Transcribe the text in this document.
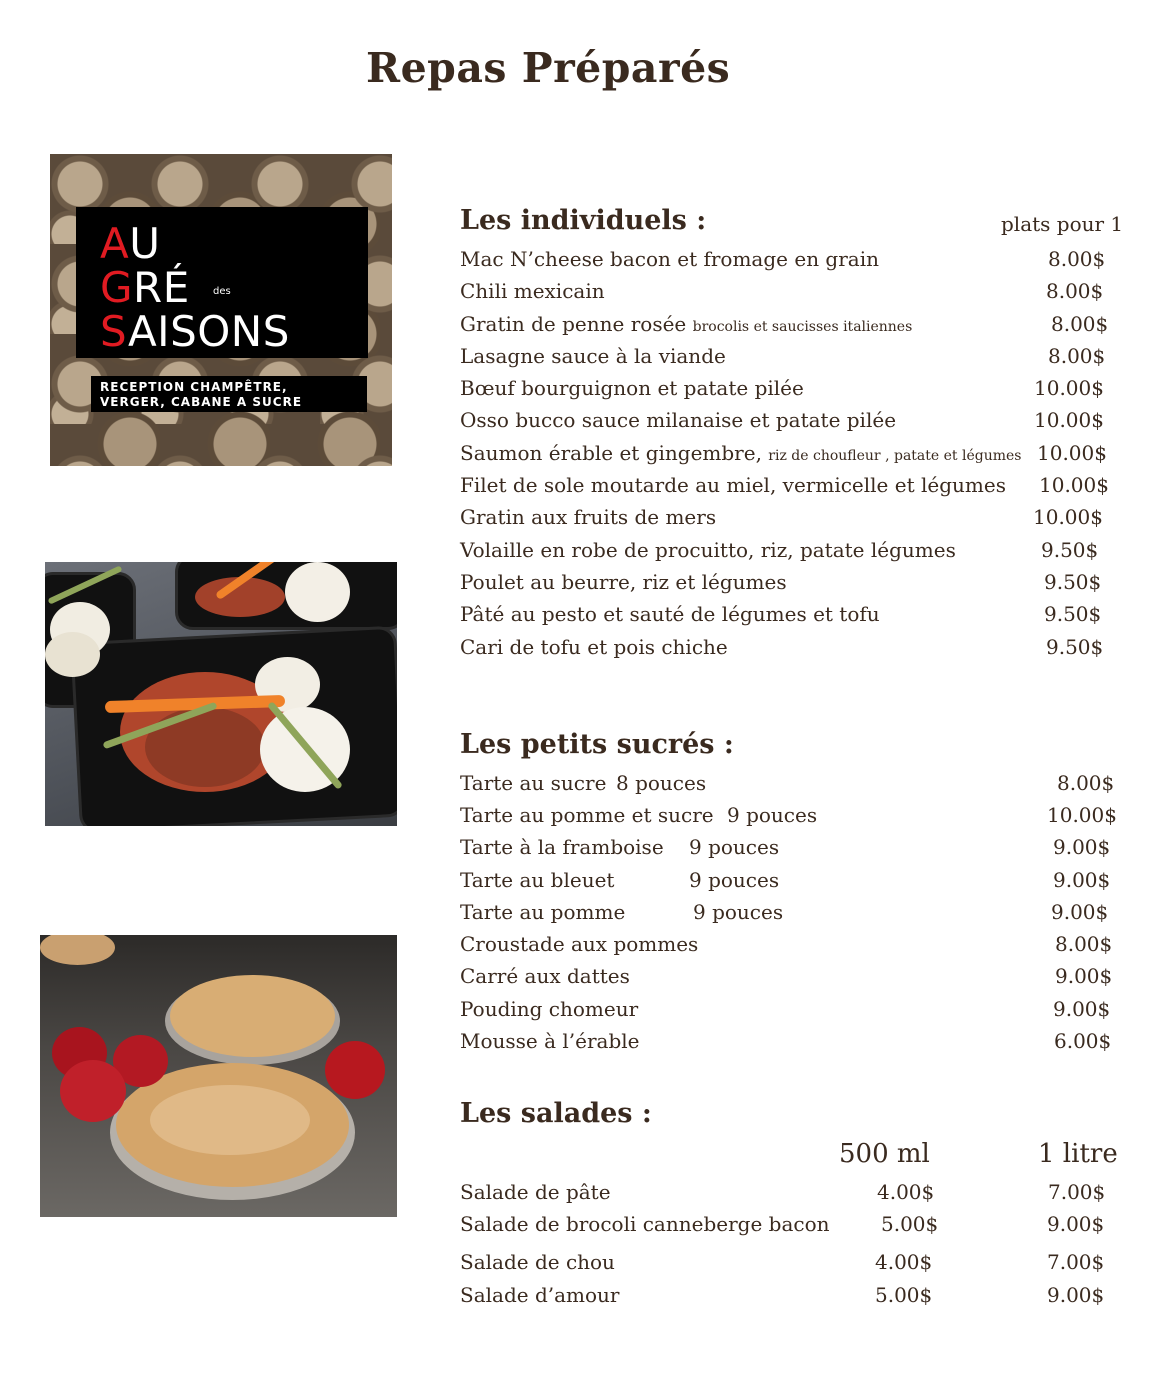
Repas Préparés
AU
GRÉ
SAISONS
des
RECEPTION CHAMPÊTRE,
VERGER, CABANE A SUCRE
Les individuels :	plats pour 1
Mac N’cheese bacon et fromage en grain	8.00$
Chili mexicain	8.00$
Gratin de penne rosée brocolis et saucisses italiennes	8.00$
Lasagne sauce à la viande	8.00$
Bœuf bourguignon et patate pilée	10.00$
Osso bucco sauce milanaise et patate pilée	10.00$
Saumon érable et gingembre, riz de choufleur , patate et légumes 10.00$
Filet de sole moutarde au miel, vermicelle et légumes 10.00$
Gratin aux fruits de mers	10.00$
Volaille en robe de procuitto, riz, patate légumes	9.50$
Poulet au beurre, riz et légumes	9.50$
Pâté au pesto et sauté de légumes et tofu	9.50$
Cari de tofu et pois chiche	9.50$
Les petits sucrés :
Tarte au sucre 8 pouces	8.00$
Tarte au pomme et sucre 9 pouces	10.00$
Tarte à la framboise 9 pouces	9.00$
Tarte au bleuet	9 pouces	9.00$
Tarte au pomme	9 pouces	9.00$
Croustade aux pommes	8.00$
Carré aux dattes	9.00$
Pouding chomeur	9.00$
Mousse à l’érable	6.00$
Les salades :
500 ml	1 litre
Salade de pâte	4.00$	7.00$
Salade de brocoli canneberge bacon	5.00$	9.00$
Salade de chou	4.00$	7.00$
Salade d’amour	5.00$	9.00$
